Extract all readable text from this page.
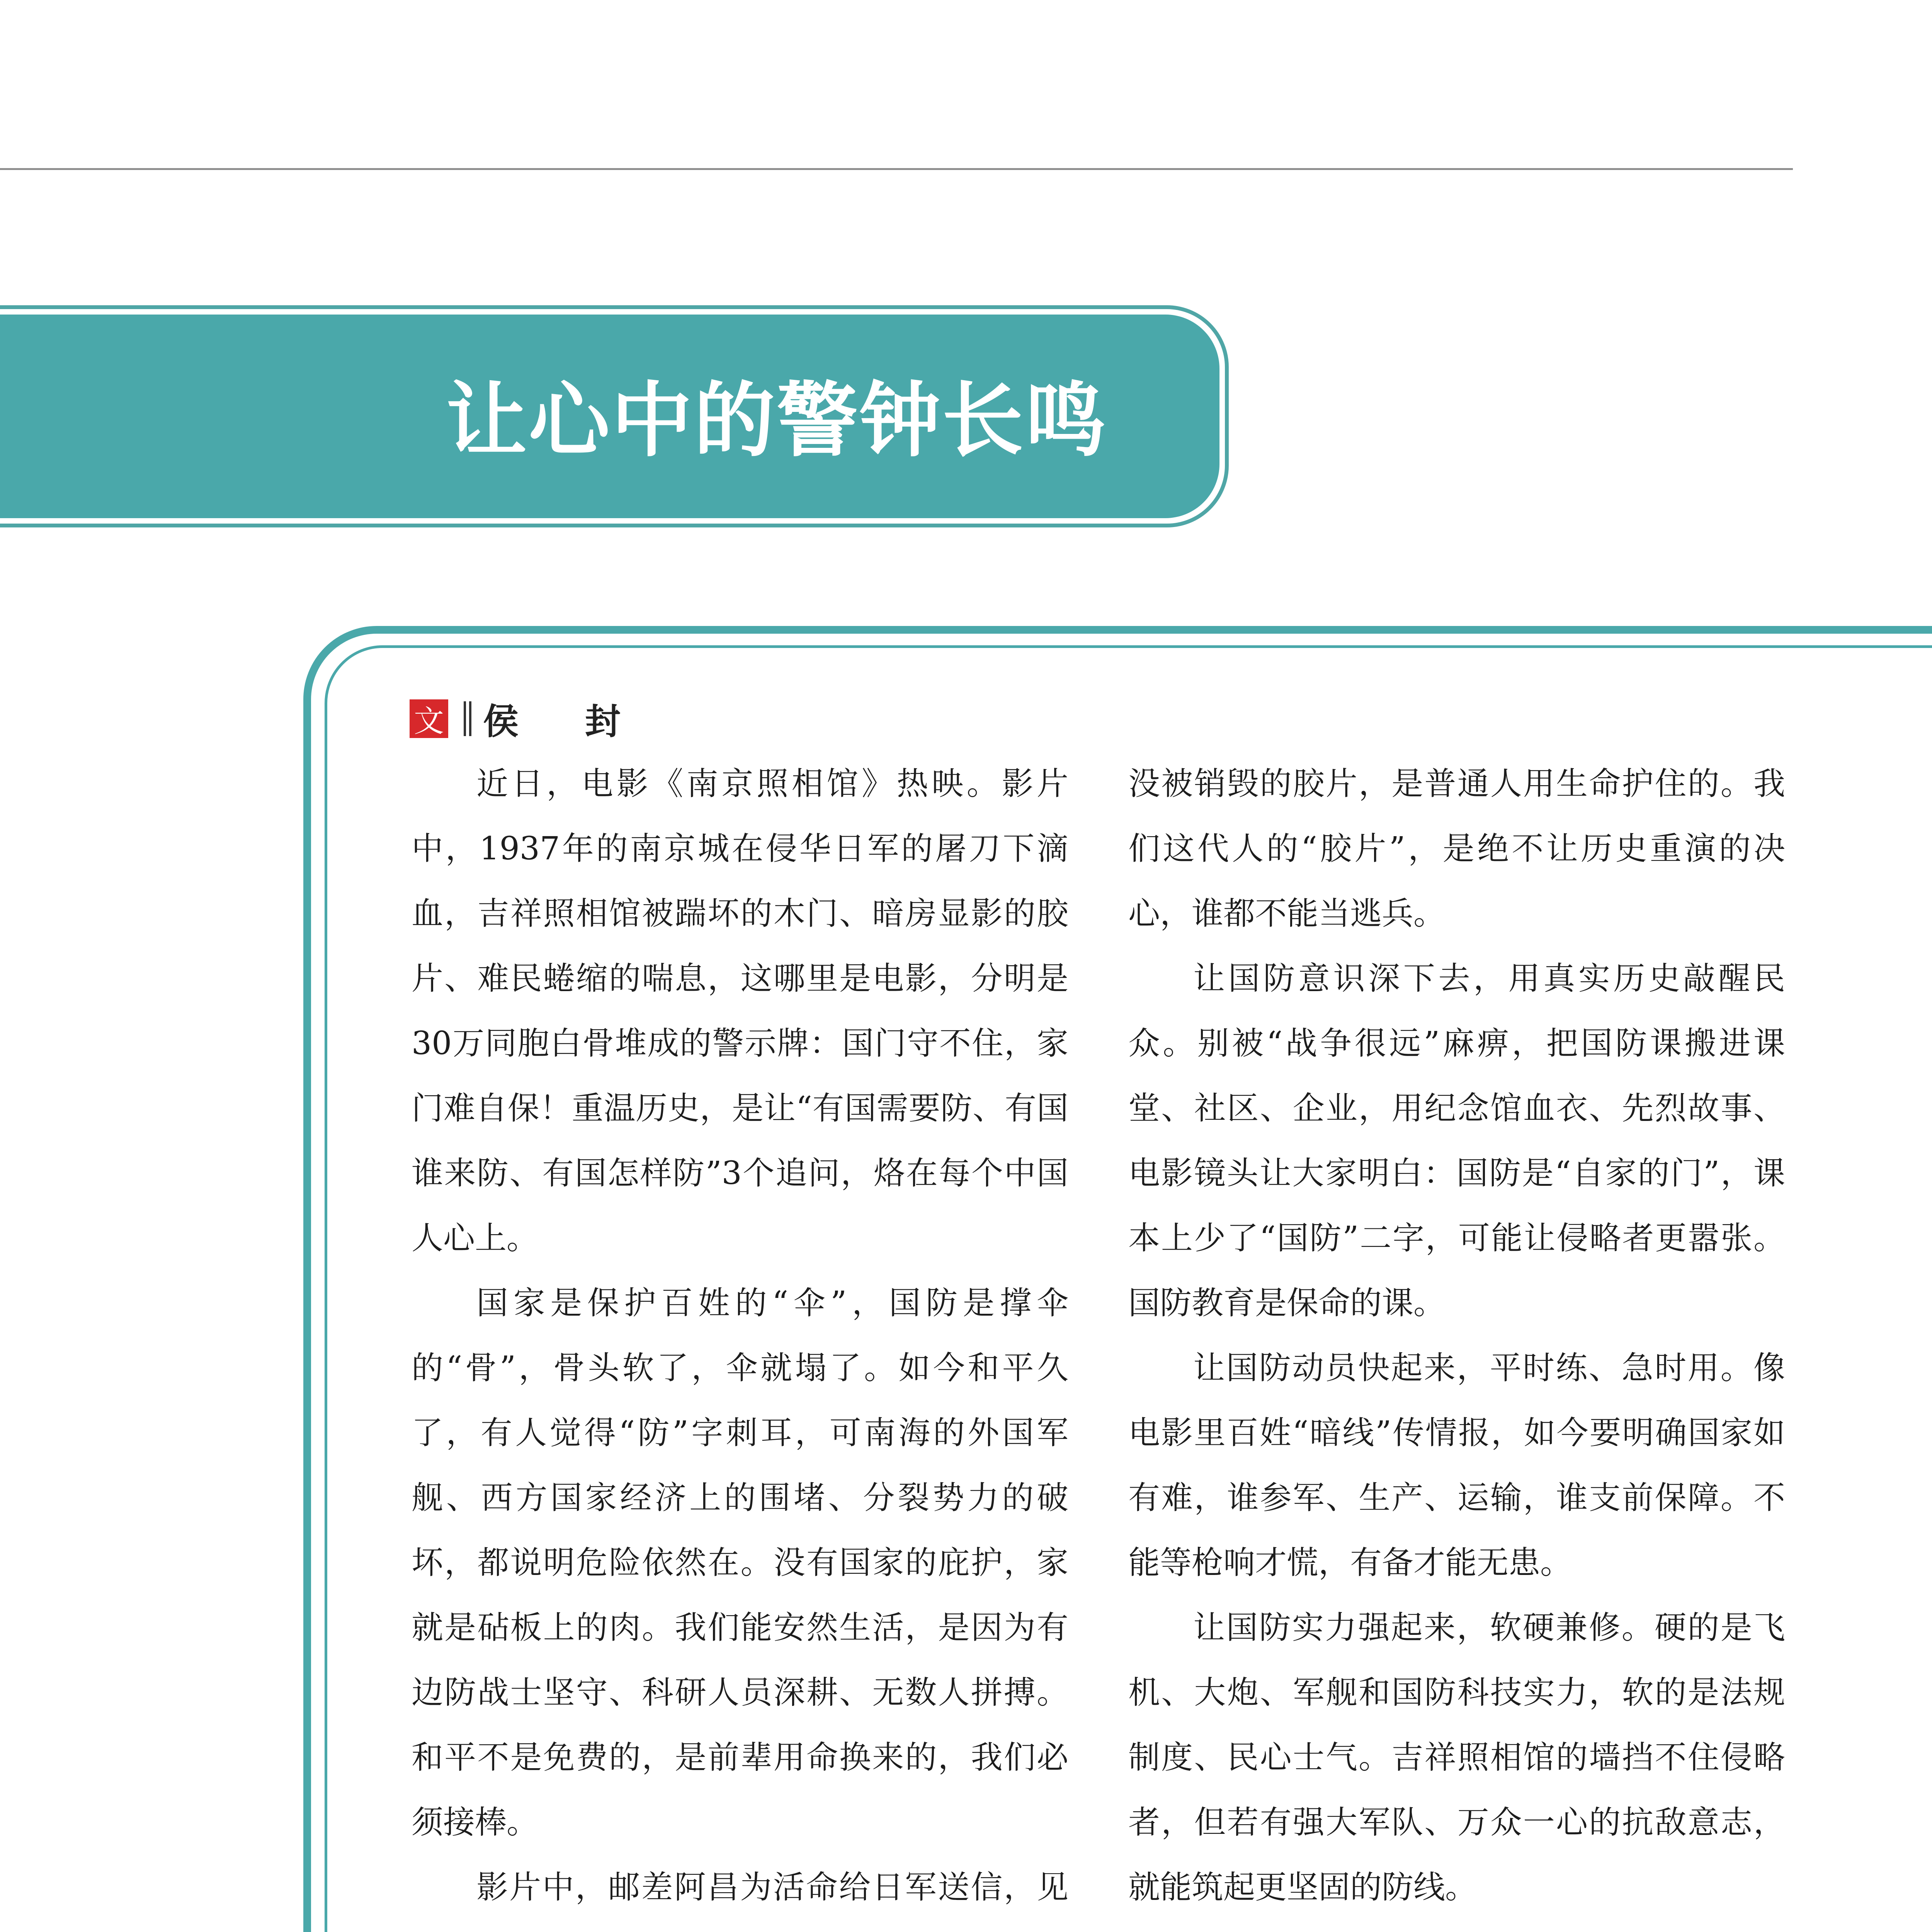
让心中的警钟长鸣
文 侯 封

近日，电影《南京照相馆》热映。影片中，1937年的南京城在侵华日军的屠刀下滴血，吉祥照相馆被踹坏的木门、暗房显影的胶片、难民蜷缩的喘息，这哪里是电影，分明是30万同胞白骨堆成的警示牌：国门守不住，家门难自保！重温历史，是让“有国需要防、有国谁来防、有国怎样防”3个追问，烙在每个中国人心上。

国家是保护百姓的“伞”，国防是撑伞的“骨”，骨头软了，伞就塌了。如今和平久了，有人觉得“防”字刺耳，可南海的外国军舰、西方国家经济上的围堵、分裂势力的破坏，都说明危险依然在。没有国家的庇护，家就是砧板上的肉。我们能安然生活，是因为有边防战士坚守、科研人员深耕、无数人拼搏。和平不是免费的，是前辈用命换来的，我们必须接棒。

影片中，邮差阿昌为活命给日军送信，见

没被销毁的胶片，是普通人用生命护住的。我们这代人的“胶片”，是绝不让历史重演的决心，谁都不能当逃兵。

让国防意识深下去，用真实历史敲醒民众。别被“战争很远”麻痹，把国防课搬进课堂、社区、企业，用纪念馆血衣、先烈故事、电影镜头让大家明白：国防是“自家的门”，课本上少了“国防”二字，可能让侵略者更嚣张。国防教育是保命的课。

让国防动员快起来，平时练、急时用。像电影里百姓“暗线”传情报，如今要明确国家如有难，谁参军、生产、运输，谁支前保障。不能等枪响才慌，有备才能无患。

让国防实力强起来，软硬兼修。硬的是飞机、大炮、军舰和国防科技实力，软的是法规制度、民心士气。吉祥照相馆的墙挡不住侵略者，但若有强大军队、万众一心的抗敌意志，就能筑起更坚固的防线。
